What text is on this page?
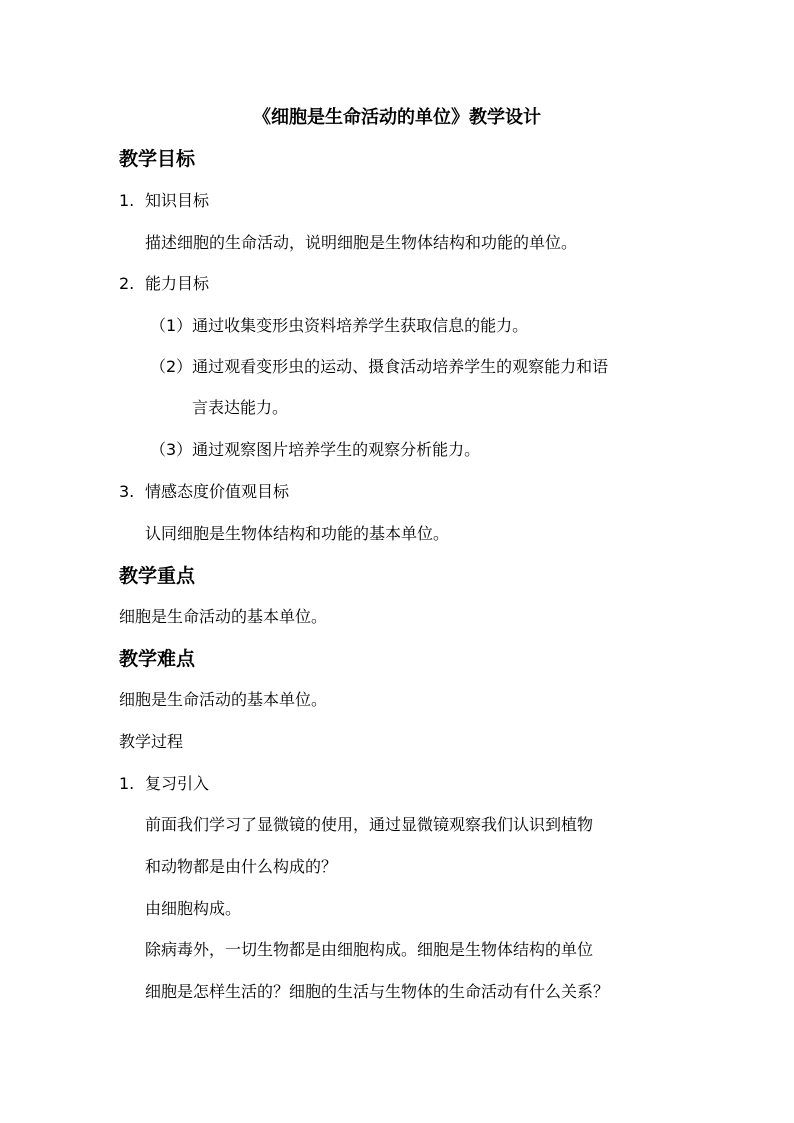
《细胞是生命活动的单位》教学设计
教学目标
1. 知识目标
描述细胞的生命活动，说明细胞是生物体结构和功能的单位。
2. 能力目标
（1）通过收集变形虫资料培养学生获取信息的能力。
（2）通过观看变形虫的运动、摄食活动培养学生的观察能力和语
言表达能力。
（3）通过观察图片培养学生的观察分析能力。
3. 情感态度价值观目标
认同细胞是生物体结构和功能的基本单位。
教学重点
细胞是生命活动的基本单位。
教学难点
细胞是生命活动的基本单位。
教学过程
1. 复习引入
前面我们学习了显微镜的使用，通过显微镜观察我们认识到植物
和动物都是由什么构成的？
由细胞构成。
除病毒外，一切生物都是由细胞构成。细胞是生物体结构的单位
细胞是怎样生活的？细胞的生活与生物体的生命活动有什么关系？
